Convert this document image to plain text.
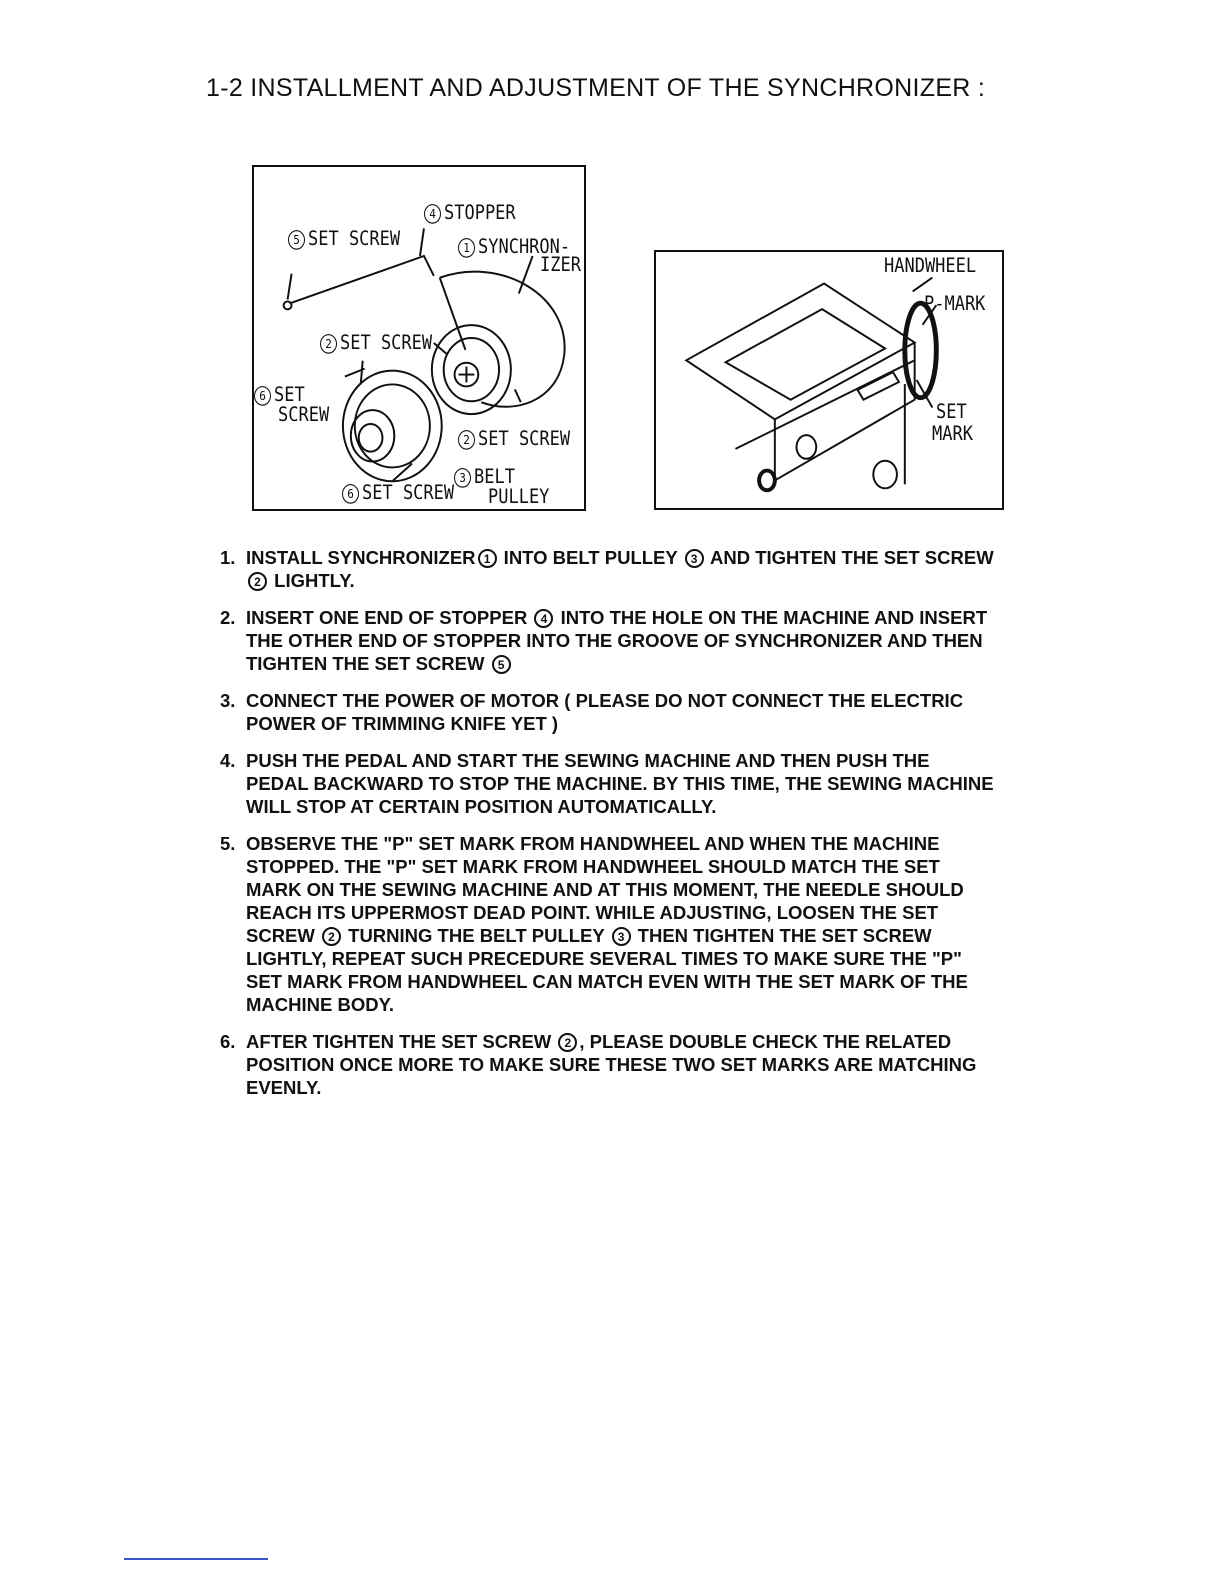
1-2 INSTALLMENT AND ADJUSTMENT OF THE SYNCHRONIZER :
4 STOPPER
5 SET SCREW	1 SYNCHRON-
IZER
2 SET SCREW
6 SET
SCREW
2 SET SCREW
3 BELT
PULLEY
6 SET SCREW
HANDWHEEL
P-MARK
SET
MARK
1. INSTALL SYNCHRONIZER 1 INTO BELT PULLEY 3 AND TIGHTEN THE SET SCREW 2 LIGHTLY.
2. INSERT ONE END OF STOPPER 4 INTO THE HOLE ON THE MACHINE AND INSERT THE OTHER END OF STOPPER INTO THE GROOVE OF SYNCHRONIZER AND THEN TIGHTEN THE SET SCREW 5
3. CONNECT THE POWER OF MOTOR ( PLEASE DO NOT CONNECT THE ELECTRIC POWER OF TRIMMING KNIFE YET )
4. PUSH THE PEDAL AND START THE SEWING MACHINE AND THEN PUSH THE PEDAL BACKWARD TO STOP THE MACHINE. BY THIS TIME, THE SEWING MACHINE WILL STOP AT CERTAIN POSITION AUTOMATICALLY.
5. OBSERVE THE "P" SET MARK FROM HANDWHEEL AND WHEN THE MACHINE STOPPED. THE "P" SET MARK FROM HANDWHEEL SHOULD MATCH THE SET MARK ON THE SEWING MACHINE AND AT THIS MOMENT, THE NEEDLE SHOULD REACH ITS UPPERMOST DEAD POINT. WHILE ADJUSTING, LOOSEN THE SET SCREW 2 TURNING THE BELT PULLEY 3 THEN TIGHTEN THE SET SCREW LIGHTLY, REPEAT SUCH PRECEDURE SEVERAL TIMES TO MAKE SURE THE "P" SET MARK FROM HANDWHEEL CAN MATCH EVEN WITH THE SET MARK OF THE MACHINE BODY.
6. AFTER TIGHTEN THE SET SCREW 2 , PLEASE DOUBLE CHECK THE RELATED POSITION ONCE MORE TO MAKE SURE THESE TWO SET MARKS ARE MATCHING EVENLY.
